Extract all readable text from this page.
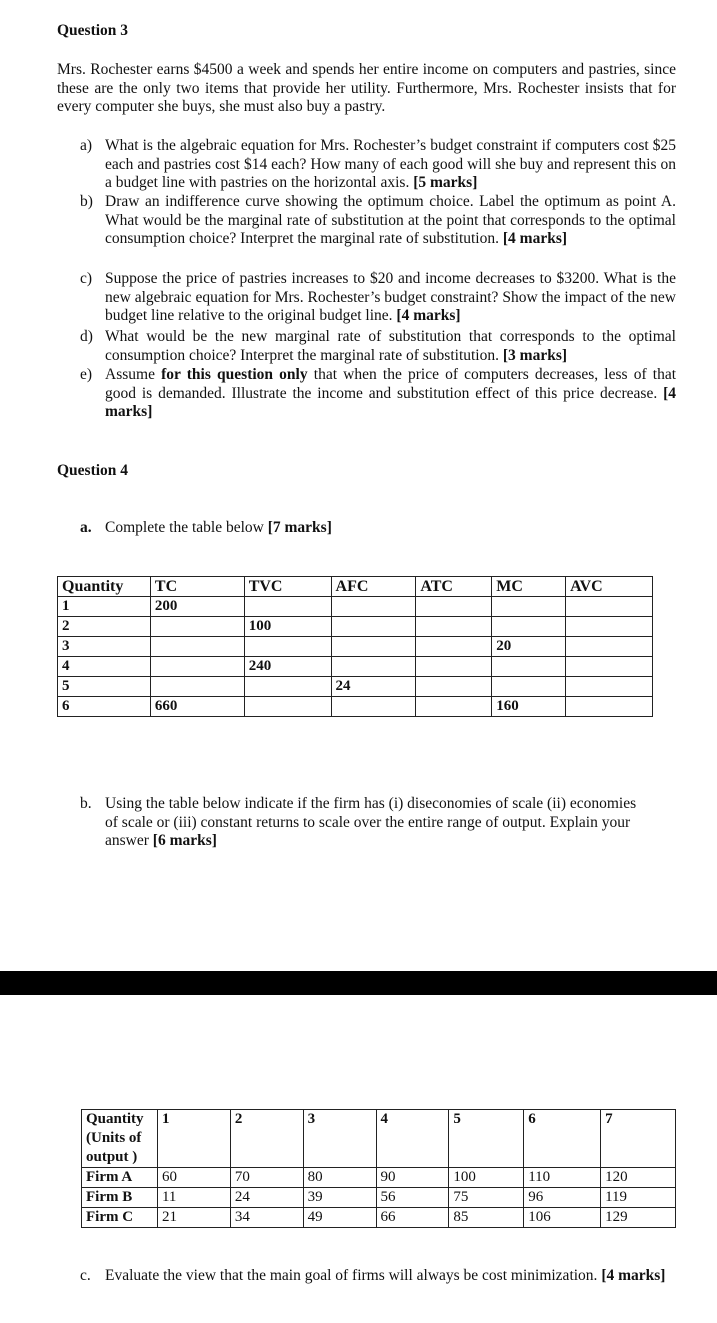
Question 3
Mrs. Rochester earns $4500 a week and spends her entire income on computers and pastries, since these are the only two items that provide her utility. Furthermore, Mrs. Rochester insists that for every computer she buys, she must also buy a pastry.
a) What is the algebraic equation for Mrs. Rochester’s budget constraint if computers cost $25 each and pastries cost $14 each? How many of each good will she buy and represent this on a budget line with pastries on the horizontal axis. [5 marks]
b) Draw an indifference curve showing the optimum choice. Label the optimum as point A. What would be the marginal rate of substitution at the point that corresponds to the optimal consumption choice? Interpret the marginal rate of substitution. [4 marks]
c) Suppose the price of pastries increases to $20 and income decreases to $3200. What is the new algebraic equation for Mrs. Rochester’s budget constraint? Show the impact of the new budget line relative to the original budget line. [4 marks]
d) What would be the new marginal rate of substitution that corresponds to the optimal consumption choice? Interpret the marginal rate of substitution. [3 marks]
e) Assume for this question only that when the price of computers decreases, less of that good is demanded. Illustrate the income and substitution effect of this price decrease. [4 marks]
Question 4
a. Complete the table below [7 marks]
Quantity	TC	TVC	AFC	ATC	MC	AVC
1	200					
2		100				
3					20	
4		240				
5			24			
6	660				160	
b. Using the table below indicate if the firm has (i) diseconomies of scale (ii) economies of scale or (iii) constant returns to scale over the entire range of output. Explain your answer [6 marks]
Quantity (Units of output )	1	2	3	4	5	6	7
Firm A	60	70	80	90	100	110	120
Firm B	11	24	39	56	75	96	119
Firm C	21	34	49	66	85	106	129
c. Evaluate the view that the main goal of firms will always be cost minimization. [4 marks]
